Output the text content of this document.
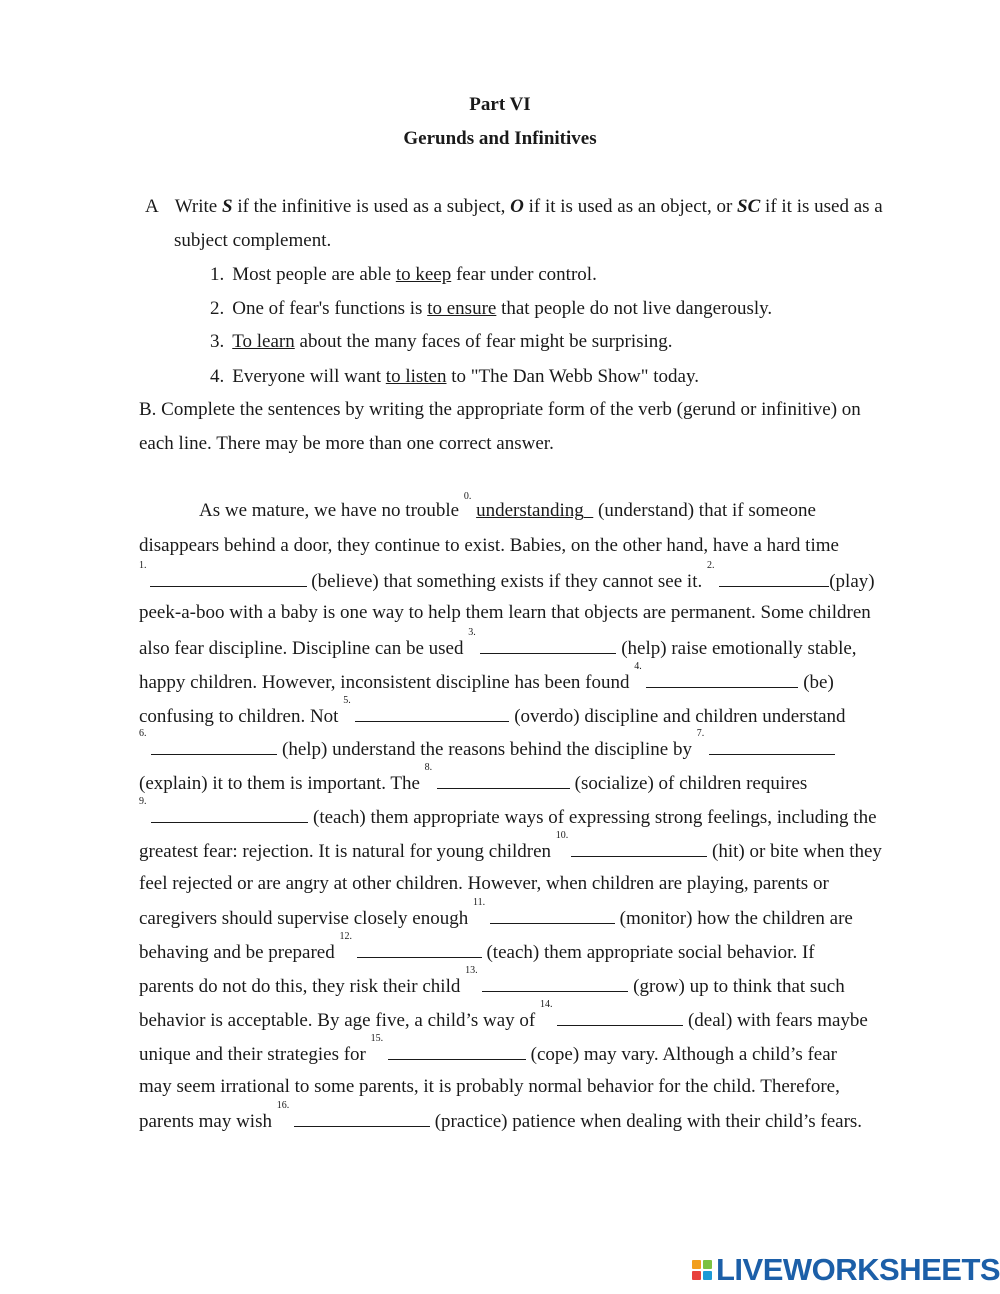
Part VI
Gerunds and Infinitives
A Write S if the infinitive is used as a subject, O if it is used as an object, or SC if it is used as a
subject complement.
1. Most people are able to keep fear under control.
2. One of fear's functions is to ensure that people do not live dangerously.
3. To learn about the many faces of fear might be surprising.
4. Everyone will want to listen to "The Dan Webb Show" today.
B. Complete the sentences by writing the appropriate form of the verb (gerund or infinitive) on
each line. There may be more than one correct answer.
As we mature, we have no trouble $^{0.}$ understanding   (understand) that if someone
disappears behind a door, they continue to exist. Babies, on the other hand, have a hard time
$^{1.}$ (believe) that something exists if they cannot see it. $^{2.}$ (play)
peek-a-boo with a baby is one way to help them learn that objects are permanent. Some children
also fear discipline. Discipline can be used $^{3.}$  (help) raise emotionally stable,
happy children. However, inconsistent discipline has been found $^{4.}$  (be)
confusing to children. Not $^{5.}$  (overdo) discipline and children understand
$^{6.}$  (help) understand the reasons behind the discipline by $^{7.}$
(explain) it to them is important. The $^{8.}$  (socialize) of children requires
$^{9.}$  (teach) them appropriate ways of expressing strong feelings, including the
greatest fear: rejection. It is natural for young children $^{10.}$ (hit) or bite when they
feel rejected or are angry at other children. However, when children are playing, parents or
caregivers should supervise closely enough $^{11.}$  (monitor) how the children are
behaving and be prepared $^{12.}$  (teach) them appropriate social behavior. If
parents do not do this, they risk their child $^{13.}$  (grow) up to think that such
behavior is acceptable. By age five, a child’s way of $^{14.}$  (deal) with fears maybe
unique and their strategies for $^{15.}$  (cope) may vary. Although a child’s fear
may seem irrational to some parents, it is probably normal behavior for the child. Therefore,
parents may wish $^{16.}$  (practice) patience when dealing with their child’s fears.
LIVEWORKSHEETS
